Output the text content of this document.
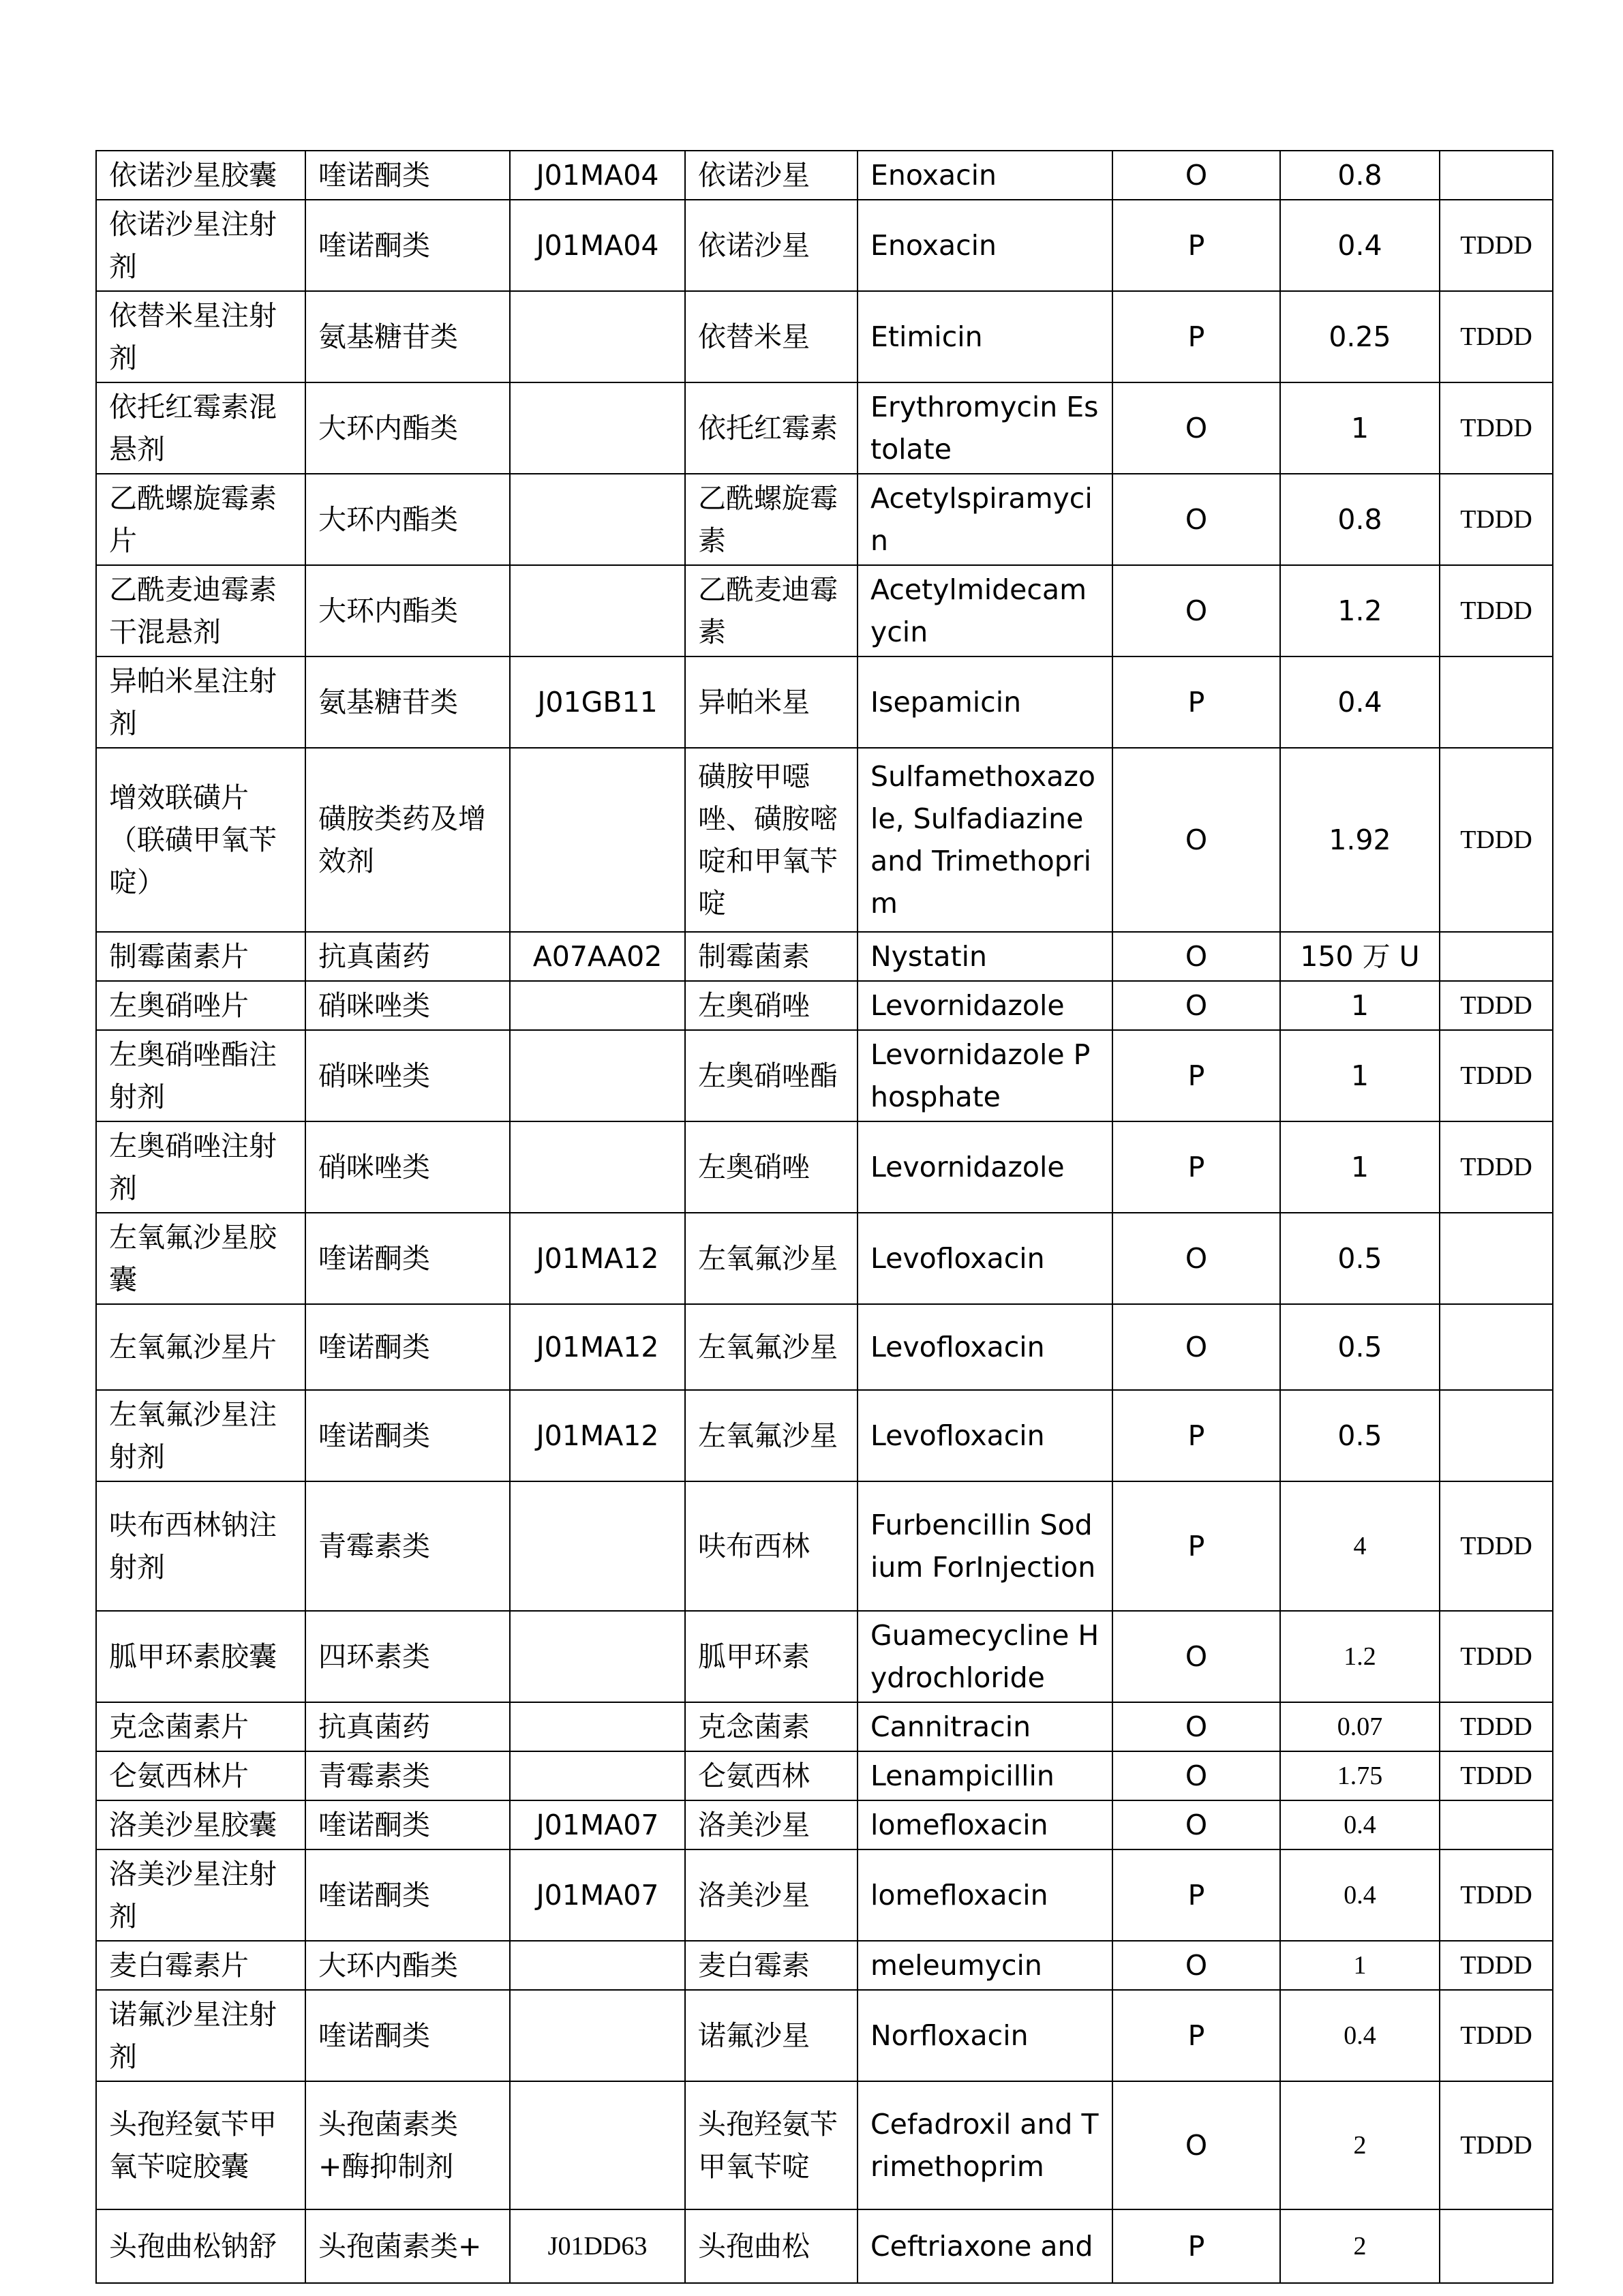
依诺沙星胶囊	喹诺酮类	J01MA04	依诺沙星	Enoxacin	O	0.8	
依诺沙星注射剂	喹诺酮类	J01MA04	依诺沙星	Enoxacin	P	0.4	TDDD
依替米星注射剂	氨基糖苷类		依替米星	Etimicin	P	0.25	TDDD
依托红霉素混悬剂	大环内酯类		依托红霉素	Erythromycin Estolate	O	1	TDDD
乙酰螺旋霉素片	大环内酯类		乙酰螺旋霉素	Acetylspiramycin	O	0.8	TDDD
乙酰麦迪霉素干混悬剂	大环内酯类		乙酰麦迪霉素	Acetylmidecamycin	O	1.2	TDDD
异帕米星注射剂	氨基糖苷类	J01GB11	异帕米星	Isepamicin	P	0.4	
增效联磺片（联磺甲氧苄啶）	磺胺类药及增效剂		磺胺甲噁唑、磺胺嘧啶和甲氧苄啶	Sulfamethoxazole, Sulfadiazine and Trimethoprim	O	1.92	TDDD
制霉菌素片	抗真菌药	A07AA02	制霉菌素	Nystatin	O	150 万 U	
左奥硝唑片	硝咪唑类		左奥硝唑	Levornidazole	O	1	TDDD
左奥硝唑酯注射剂	硝咪唑类		左奥硝唑酯	Levornidazole Phosphate	P	1	TDDD
左奥硝唑注射剂	硝咪唑类		左奥硝唑	Levornidazole	P	1	TDDD
左氧氟沙星胶囊	喹诺酮类	J01MA12	左氧氟沙星	Levofloxacin	O	0.5	
左氧氟沙星片	喹诺酮类	J01MA12	左氧氟沙星	Levofloxacin	O	0.5	
左氧氟沙星注射剂	喹诺酮类	J01MA12	左氧氟沙星	Levofloxacin	P	0.5	
呋布西林钠注射剂	青霉素类		呋布西林	Furbencillin Sodium ForInjection	P	4	TDDD
胍甲环素胶囊	四环素类		胍甲环素	Guamecycline Hydrochloride	O	1.2	TDDD
克念菌素片	抗真菌药		克念菌素	Cannitracin	O	0.07	TDDD
仑氨西林片	青霉素类		仑氨西林	Lenampicillin	O	1.75	TDDD
洛美沙星胶囊	喹诺酮类	J01MA07	洛美沙星	lomefloxacin	O	0.4	
洛美沙星注射剂	喹诺酮类	J01MA07	洛美沙星	lomefloxacin	P	0.4	TDDD
麦白霉素片	大环内酯类		麦白霉素	meleumycin	O	1	TDDD
诺氟沙星注射剂	喹诺酮类		诺氟沙星	Norfloxacin	P	0.4	TDDD
头孢羟氨苄甲氧苄啶胶囊	头孢菌素类+酶抑制剂		头孢羟氨苄甲氧苄啶	Cefadroxil and Trimethoprim	O	2	TDDD
头孢曲松钠舒	头孢菌素类+	J01DD63	头孢曲松	Ceftriaxone and	P	2	
